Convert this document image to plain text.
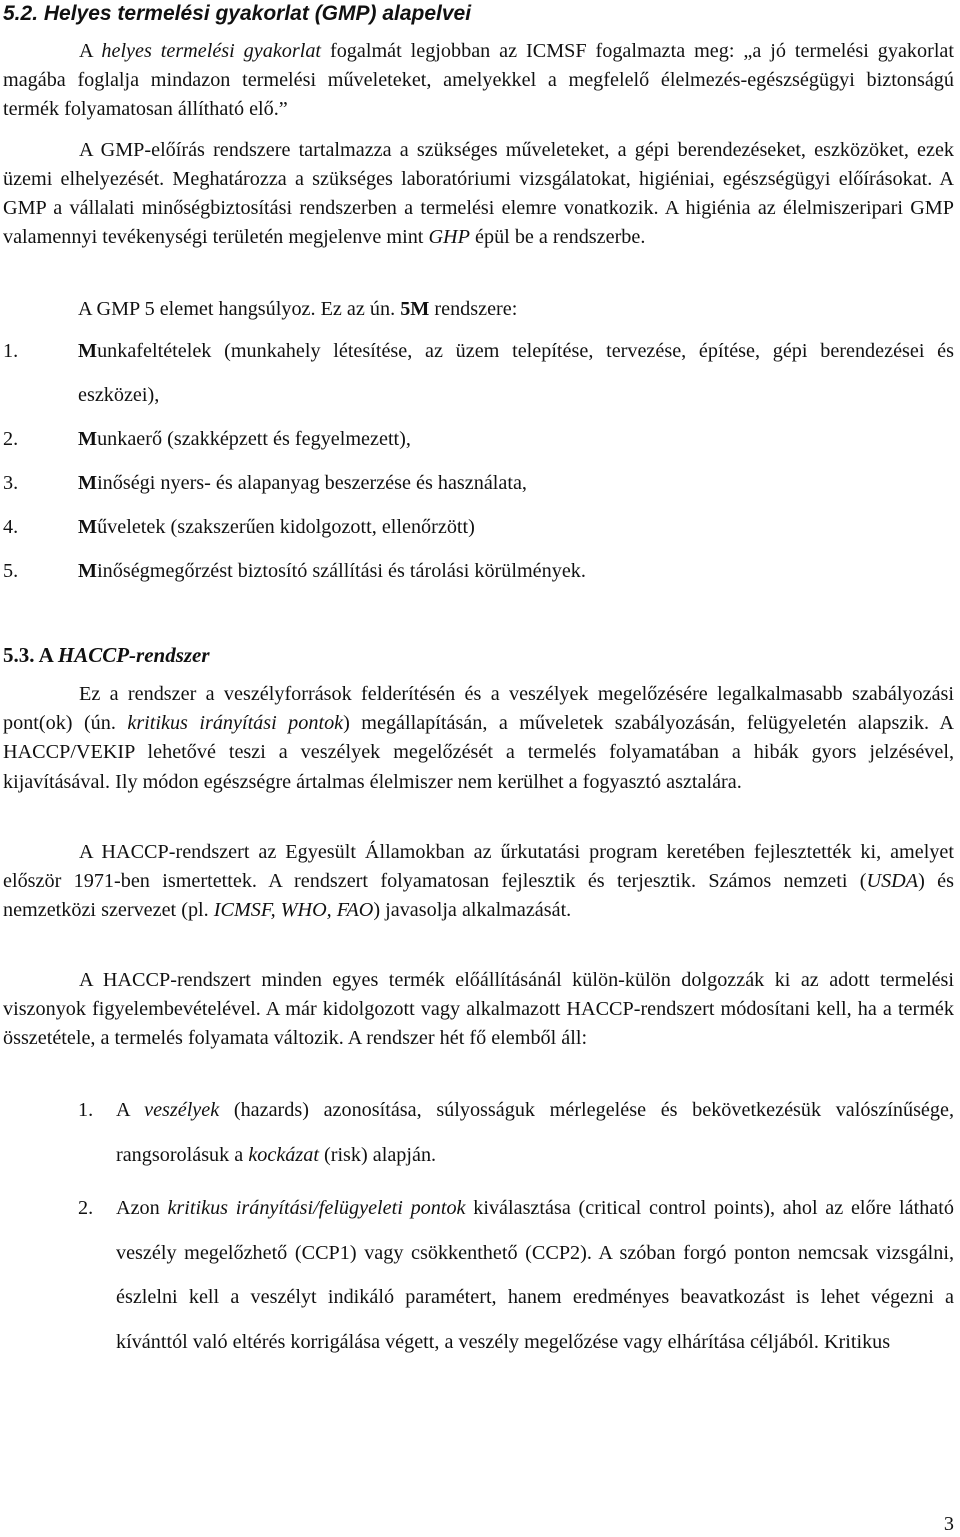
5.2. Helyes termelési gyakorlat (GMP) alapelvei

A helyes termelési gyakorlat fogalmát legjobban az ICMSF fogalmazta meg: „a jó termelési gyakorlat magába foglalja mindazon termelési műveleteket, amelyekkel a megfelelő élelmezés-egészségügyi biztonságú termék folyamatosan állítható elő.”

A GMP-előírás rendszere tartalmazza a szükséges műveleteket, a gépi berendezéseket, eszközöket, ezek üzemi elhelyezését. Meghatározza a szükséges laboratóriumi vizsgálatokat, higiéniai, egészségügyi előírásokat. A GMP a vállalati minőségbiztosítási rendszerben a termelési elemre vonatkozik. A higiénia az élelmiszeripari GMP valamennyi tevékenységi területén megjelenve mint GHP épül be a rendszerbe.

A GMP 5 elemet hangsúlyoz. Ez az ún. 5M rendszere:

1.	Munkafeltételek (munkahely létesítése, az üzem telepítése, tervezése, építése, gépi berendezései és eszközei),
2.	Munkaerő (szakképzett és fegyelmezett),
3.	Minőségi nyers- és alapanyag beszerzése és használata,
4.	Műveletek (szakszerűen kidolgozott, ellenőrzött)
5.	Minőségmegőrzést biztosító szállítási és tárolási körülmények.
5.3. A HACCP-rendszer

Ez a rendszer a veszélyforrások felderítésén és a veszélyek megelőzésére legalkalmasabb szabályozási pont(ok) (ún. kritikus irányítási pontok) megállapításán, a műveletek szabályozásán, felügyeletén alapszik. A HACCP/VEKIP lehetővé teszi a veszélyek megelőzését a termelés folyamatában a hibák gyors jelzésével, kijavításával. Ily módon egészségre ártalmas élelmiszer nem kerülhet a fogyasztó asztalára.

A HACCP-rendszert az Egyesült Államokban az űrkutatási program keretében fejlesztették ki, amelyet először 1971-ben ismertettek. A rendszert folyamatosan fejlesztik és terjesztik. Számos nemzeti (USDA) és nemzetközi szervezet (pl. ICMSF, WHO, FAO) javasolja alkalmazását.

A HACCP-rendszert minden egyes termék előállításánál külön-külön dolgozzák ki az adott termelési viszonyok figyelembevételével. A már kidolgozott vagy alkalmazott HACCP-rendszert módosítani kell, ha a termék összetétele, a termelés folyamata változik. A rendszer hét fő elemből áll:

1. A veszélyek (hazards) azonosítása, súlyosságuk mérlegelése és bekövetkezésük valószínűsége, rangsorolásuk a kockázat (risk) alapján.
2. Azon kritikus irányítási/felügyeleti pontok kiválasztása (critical control points), ahol az előre látható veszély megelőzhető (CCP1) vagy csökkenthető (CCP2). A szóban forgó ponton nemcsak vizsgálni, észlelni kell a veszélyt indikáló paramétert, hanem eredményes beavatkozást is lehet végezni a kívánttól való eltérés korrigálása végett, a veszély megelőzése vagy elhárítása céljából. Kritikus
3
